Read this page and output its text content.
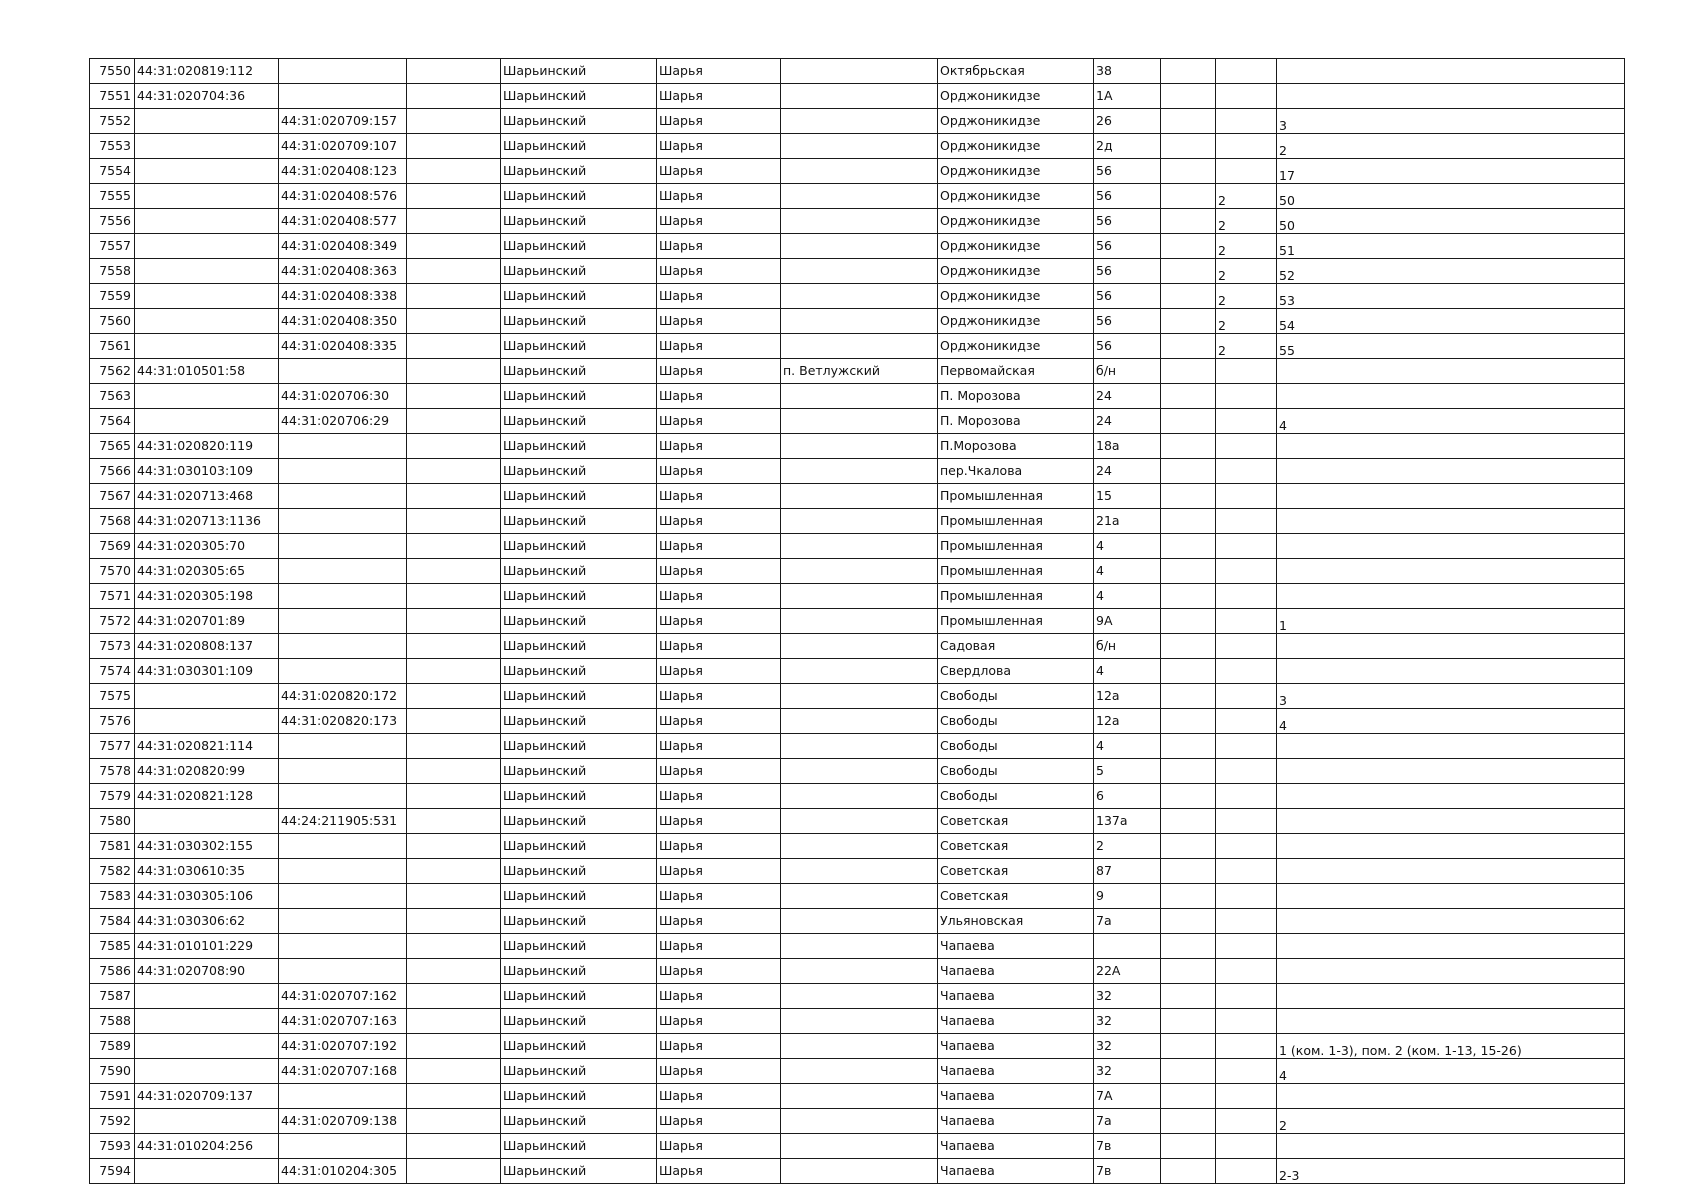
7550	44:31:020819:112			Шарьинский	Шарья		Октябрьская	38			
7551	44:31:020704:36			Шарьинский	Шарья		Орджоникидзе	1А			
7552		44:31:020709:157		Шарьинский	Шарья		Орджоникидзе	26			3
7553		44:31:020709:107		Шарьинский	Шарья		Орджоникидзе	2д			2
7554		44:31:020408:123		Шарьинский	Шарья		Орджоникидзе	56			17
7555		44:31:020408:576		Шарьинский	Шарья		Орджоникидзе	56		2	50
7556		44:31:020408:577		Шарьинский	Шарья		Орджоникидзе	56		2	50
7557		44:31:020408:349		Шарьинский	Шарья		Орджоникидзе	56		2	51
7558		44:31:020408:363		Шарьинский	Шарья		Орджоникидзе	56		2	52
7559		44:31:020408:338		Шарьинский	Шарья		Орджоникидзе	56		2	53
7560		44:31:020408:350		Шарьинский	Шарья		Орджоникидзе	56		2	54
7561		44:31:020408:335		Шарьинский	Шарья		Орджоникидзе	56		2	55
7562	44:31:010501:58			Шарьинский	Шарья	п. Ветлужский	Первомайская	б/н			
7563		44:31:020706:30		Шарьинский	Шарья		П. Морозова	24			
7564		44:31:020706:29		Шарьинский	Шарья		П. Морозова	24			4
7565	44:31:020820:119			Шарьинский	Шарья		П.Морозова	18а			
7566	44:31:030103:109			Шарьинский	Шарья		пер.Чкалова	24			
7567	44:31:020713:468			Шарьинский	Шарья		Промышленная	15			
7568	44:31:020713:1136			Шарьинский	Шарья		Промышленная	21а			
7569	44:31:020305:70			Шарьинский	Шарья		Промышленная	4			
7570	44:31:020305:65			Шарьинский	Шарья		Промышленная	4			
7571	44:31:020305:198			Шарьинский	Шарья		Промышленная	4			
7572	44:31:020701:89			Шарьинский	Шарья		Промышленная	9А			1
7573	44:31:020808:137			Шарьинский	Шарья		Садовая	б/н			
7574	44:31:030301:109			Шарьинский	Шарья		Свердлова	4			
7575		44:31:020820:172		Шарьинский	Шарья		Свободы	12а			3
7576		44:31:020820:173		Шарьинский	Шарья		Свободы	12а			4
7577	44:31:020821:114			Шарьинский	Шарья		Свободы	4			
7578	44:31:020820:99			Шарьинский	Шарья		Свободы	5			
7579	44:31:020821:128			Шарьинский	Шарья		Свободы	6			
7580		44:24:211905:531		Шарьинский	Шарья		Советская	137а			
7581	44:31:030302:155			Шарьинский	Шарья		Советская	2			
7582	44:31:030610:35			Шарьинский	Шарья		Советская	87			
7583	44:31:030305:106			Шарьинский	Шарья		Советская	9			
7584	44:31:030306:62			Шарьинский	Шарья		Ульяновская	7а			
7585	44:31:010101:229			Шарьинский	Шарья		Чапаева				
7586	44:31:020708:90			Шарьинский	Шарья		Чапаева	22А			
7587		44:31:020707:162		Шарьинский	Шарья		Чапаева	32			
7588		44:31:020707:163		Шарьинский	Шарья		Чапаева	32			
7589		44:31:020707:192		Шарьинский	Шарья		Чапаева	32			1 (ком. 1-3), пом. 2 (ком. 1-13, 15-26)
7590		44:31:020707:168		Шарьинский	Шарья		Чапаева	32			4
7591	44:31:020709:137			Шарьинский	Шарья		Чапаева	7А			
7592		44:31:020709:138		Шарьинский	Шарья		Чапаева	7а			2
7593	44:31:010204:256			Шарьинский	Шарья		Чапаева	7в			
7594		44:31:010204:305		Шарьинский	Шарья		Чапаева	7в			2-3
